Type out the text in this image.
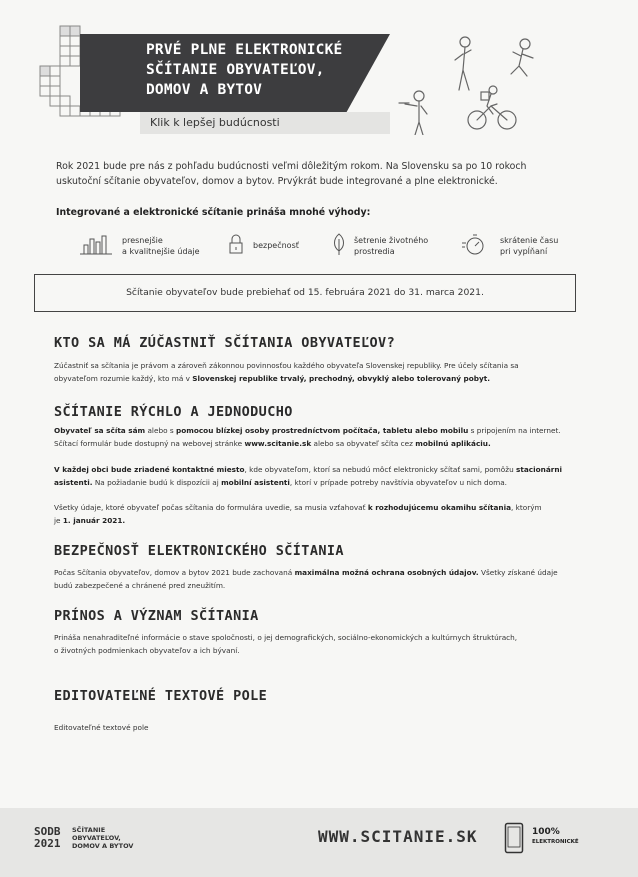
PRVÉ PLNE ELEKTRONICKÉ
SČÍTANIE OBYVATEĽOV,
DOMOV A BYTOV
Klik k lepšej budúcnosti
Rok 2021 bude pre nás z pohľadu budúcnosti veľmi dôležitým rokom. Na Slovensku sa po 10 rokoch
uskutoční sčítanie obyvateľov, domov a bytov. Prvýkrát bude integrované a plne elektronické.
Integrované a elektronické sčítanie prináša mnohé výhody:
presnejšie
a kvalitnejšie údaje
bezpečnosť
šetrenie životného
prostredia
skrátenie času
pri vypĺňaní
Sčítanie obyvateľov bude prebiehať od 15. februára 2021 do 31. marca 2021.
KTO SA MÁ ZÚČASTNIŤ SČÍTANIA OBYVATEĽOV?
Zúčastniť sa sčítania je právom a zároveň zákonnou povinnosťou každého obyvateľa Slovenskej republiky. Pre účely sčítania sa
obyvateľom rozumie každý, kto má v Slovenskej republike trvalý, prechodný, obvyklý alebo tolerovaný pobyt.
SČÍTANIE RÝCHLO A JEDNODUCHO
Obyvateľ sa sčíta sám alebo s pomocou blízkej osoby prostredníctvom počítača, tabletu alebo mobilu s pripojením na internet.
Sčítací formulár bude dostupný na webovej stránke www.scitanie.sk alebo sa obyvateľ sčíta cez mobilnú aplikáciu.
V každej obci bude zriadené kontaktné miesto, kde obyvateľom, ktorí sa nebudú môcť elektronicky sčítať sami, pomôžu stacionárni
asistenti. Na požiadanie budú k dispozícii aj mobilní asistenti, ktorí v prípade potreby navštívia obyvateľov u nich doma.
Všetky údaje, ktoré obyvateľ počas sčítania do formulára uvedie, sa musia vzťahovať k rozhodujúcemu okamihu sčítania, ktorým
je 1. január 2021.
BEZPEČNOSŤ ELEKTRONICKÉHO SČÍTANIA
Počas Sčítania obyvateľov, domov a bytov 2021 bude zachovaná maximálna možná ochrana osobných údajov. Všetky získané údaje
budú zabezpečené a chránené pred zneužitím.
PRÍNOS A VÝZNAM SČÍTANIA
Prináša nenahraditeľné informácie o stave spoločnosti, o jej demografických, sociálno-ekonomických a kultúrnych štruktúrach,
o životných podmienkach obyvateľov a ich bývaní.
EDITOVATEĽNÉ TEXTOVÉ POLE
Editovateľné textové pole
SODB
2021
SČÍTANIE
OBYVATEĽOV,
DOMOV A BYTOV	WWW.SCITANIE.SK	100%
ELEKTRONICKÉ
